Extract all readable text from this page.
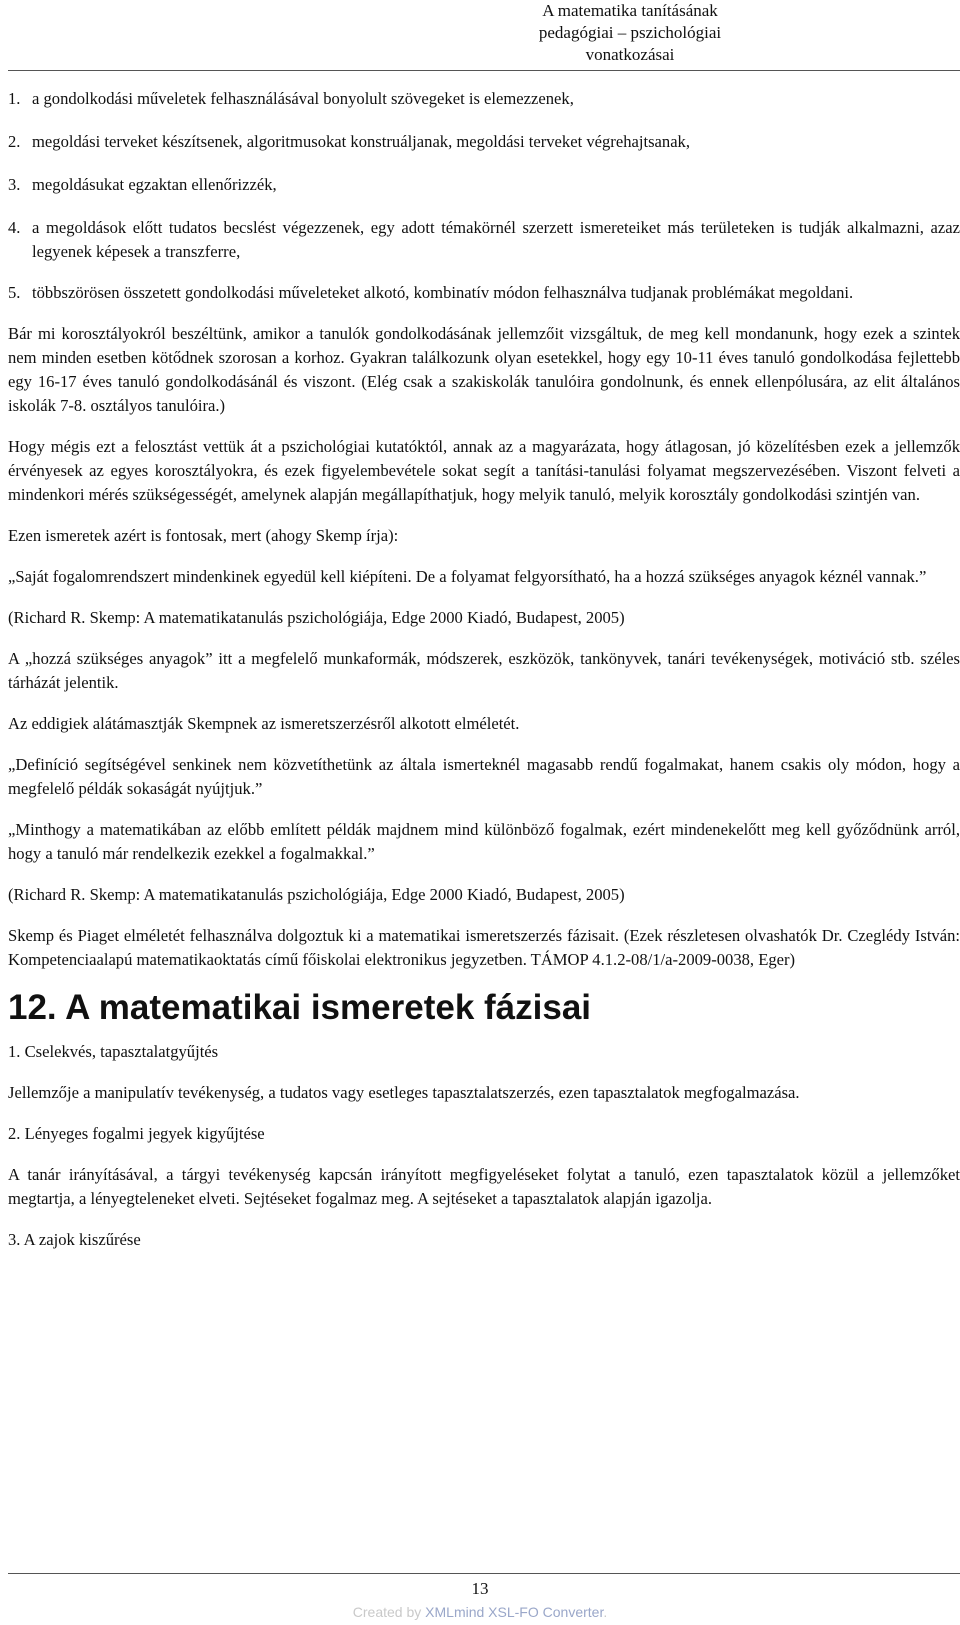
A matematika tanításának
pedagógiai – pszichológiai
vonatkozásai
1. a gondolkodási műveletek felhasználásával bonyolult szövegeket is elemezzenek,
2. megoldási terveket készítsenek, algoritmusokat konstruáljanak, megoldási terveket végrehajtsanak,
3. megoldásukat egzaktan ellenőrizzék,
4. a megoldások előtt tudatos becslést végezzenek, egy adott témakörnél szerzett ismereteiket más területeken is tudják alkalmazni, azaz legyenek képesek a transzferre,
5. többszörösen összetett gondolkodási műveleteket alkotó, kombinatív módon felhasználva tudjanak problémákat megoldani.

Bár mi korosztályokról beszéltünk, amikor a tanulók gondolkodásának jellemzőit vizsgáltuk, de meg kell mondanunk, hogy ezek a szintek nem minden esetben kötődnek szorosan a korhoz. Gyakran találkozunk olyan esetekkel, hogy egy 10-11 éves tanuló gondolkodása fejlettebb egy 16-17 éves tanuló gondolkodásánál és viszont. (Elég csak a szakiskolák tanulóira gondolnunk, és ennek ellenpólusára, az elit általános iskolák 7-8. osztályos tanulóira.)

Hogy mégis ezt a felosztást vettük át a pszichológiai kutatóktól, annak az a magyarázata, hogy átlagosan, jó közelítésben ezek a jellemzők érvényesek az egyes korosztályokra, és ezek figyelembevétele sokat segít a tanítási-tanulási folyamat megszervezésében. Viszont felveti a mindenkori mérés szükségességét, amelynek alapján megállapíthatjuk, hogy melyik tanuló, melyik korosztály gondolkodási szintjén van.

Ezen ismeretek azért is fontosak, mert (ahogy Skemp írja):

„Saját fogalomrendszert mindenkinek egyedül kell kiépíteni. De a folyamat felgyorsítható, ha a hozzá szükséges anyagok kéznél vannak.”

(Richard R. Skemp: A matematikatanulás pszichológiája, Edge 2000 Kiadó, Budapest, 2005)

A „hozzá szükséges anyagok” itt a megfelelő munkaformák, módszerek, eszközök, tankönyvek, tanári tevékenységek, motiváció stb. széles tárházát jelentik.

Az eddigiek alátámasztják Skempnek az ismeretszerzésről alkotott elméletét.

„Definíció segítségével senkinek nem közvetíthetünk az általa ismerteknél magasabb rendű fogalmakat, hanem csakis oly módon, hogy a megfelelő példák sokaságát nyújtjuk.”

„Minthogy a matematikában az előbb említett példák majdnem mind különböző fogalmak, ezért mindenekelőtt meg kell győződnünk arról, hogy a tanuló már rendelkezik ezekkel a fogalmakkal.”

(Richard R. Skemp: A matematikatanulás pszichológiája, Edge 2000 Kiadó, Budapest, 2005)

Skemp és Piaget elméletét felhasználva dolgoztuk ki a matematikai ismeretszerzés fázisait. (Ezek részletesen olvashatók Dr. Czeglédy István: Kompetenciaalapú matematikaoktatás című főiskolai elektronikus jegyzetben. TÁMOP 4.1.2-08/1/a-2009-0038, Eger)

12. A matematikai ismeretek fázisai

1. Cselekvés, tapasztalatgyűjtés

Jellemzője a manipulatív tevékenység, a tudatos vagy esetleges tapasztalatszerzés, ezen tapasztalatok megfogalmazása.

2. Lényeges fogalmi jegyek kigyűjtése

A tanár irányításával, a tárgyi tevékenység kapcsán irányított megfigyeléseket folytat a tanuló, ezen tapasztalatok közül a jellemzőket megtartja, a lényegteleneket elveti. Sejtéseket fogalmaz meg. A sejtéseket a tapasztalatok alapján igazolja.

3. A zajok kiszűrése

13
Created by XMLmind XSL-FO Converter.
